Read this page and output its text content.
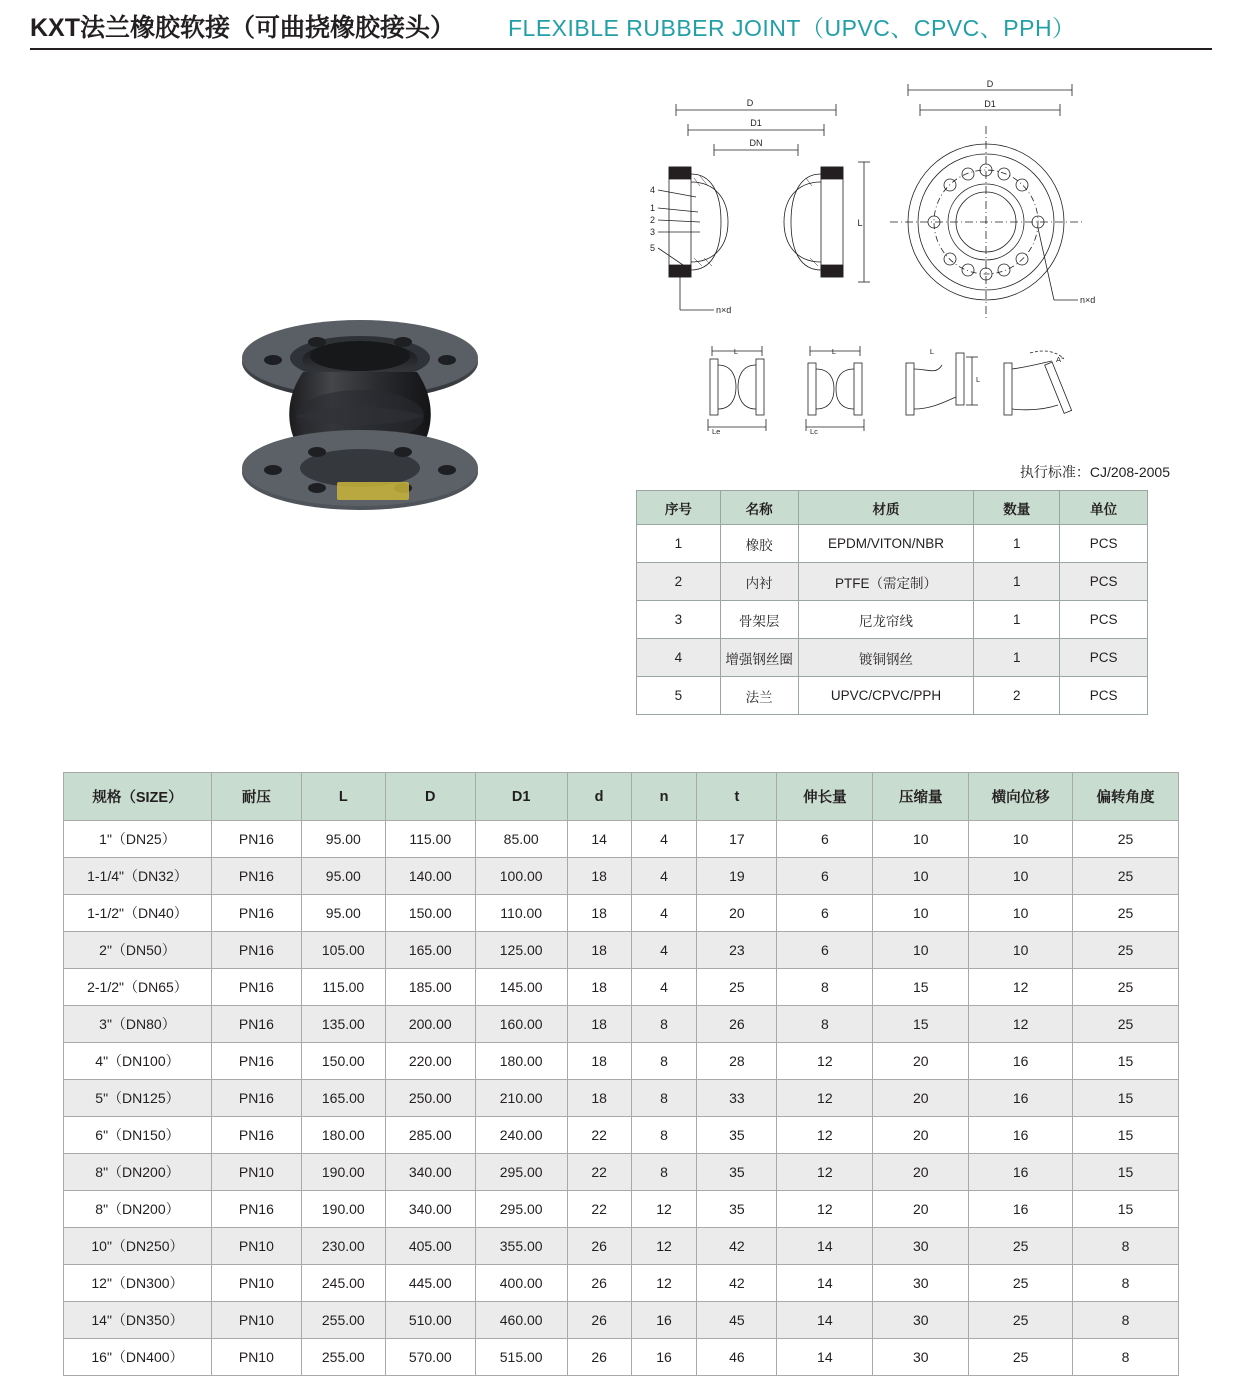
KXT法兰橡胶软接（可曲挠橡胶接头） FLEXIBLE RUBBER JOINT（UPVC、CPVC、PPH）
D
D1
DN
4
1
2
3
5
n×d
D
D1
n×d
L
L	L	L
Le	Lc
L
A°
执行标准：CJ/208-2005
序号	名称	材质	数量	单位
1	橡胶	EPDM/VITON/NBR	1	PCS
2	内衬	PTFE（需定制）	1	PCS
3	骨架层	尼龙帘线	1	PCS
4	增强钢丝圈	镀铜钢丝	1	PCS
5	法兰	UPVC/CPVC/PPH	2	PCS
规格（SIZE）	耐压	L	D	D1	d	n	t	伸长量	压缩量	横向位移	偏转角度
1"（DN25）	PN16	95.00	115.00	85.00	14	4	17	6	10	10	25
1-1/4"（DN32）	PN16	95.00	140.00	100.00	18	4	19	6	10	10	25
1-1/2"（DN40）	PN16	95.00	150.00	110.00	18	4	20	6	10	10	25
2"（DN50）	PN16	105.00	165.00	125.00	18	4	23	6	10	10	25
2-1/2"（DN65）	PN16	115.00	185.00	145.00	18	4	25	8	15	12	25
3"（DN80）	PN16	135.00	200.00	160.00	18	8	26	8	15	12	25
4"（DN100）	PN16	150.00	220.00	180.00	18	8	28	12	20	16	15
5"（DN125）	PN16	165.00	250.00	210.00	18	8	33	12	20	16	15
6"（DN150）	PN16	180.00	285.00	240.00	22	8	35	12	20	16	15
8"（DN200）	PN10	190.00	340.00	295.00	22	8	35	12	20	16	15
8"（DN200）	PN16	190.00	340.00	295.00	22	12	35	12	20	16	15
10"（DN250）	PN10	230.00	405.00	355.00	26	12	42	14	30	25	8
12"（DN300）	PN10	245.00	445.00	400.00	26	12	42	14	30	25	8
14"（DN350）	PN10	255.00	510.00	460.00	26	16	45	14	30	25	8
16"（DN400）	PN10	255.00	570.00	515.00	26	16	46	14	30	25	8
